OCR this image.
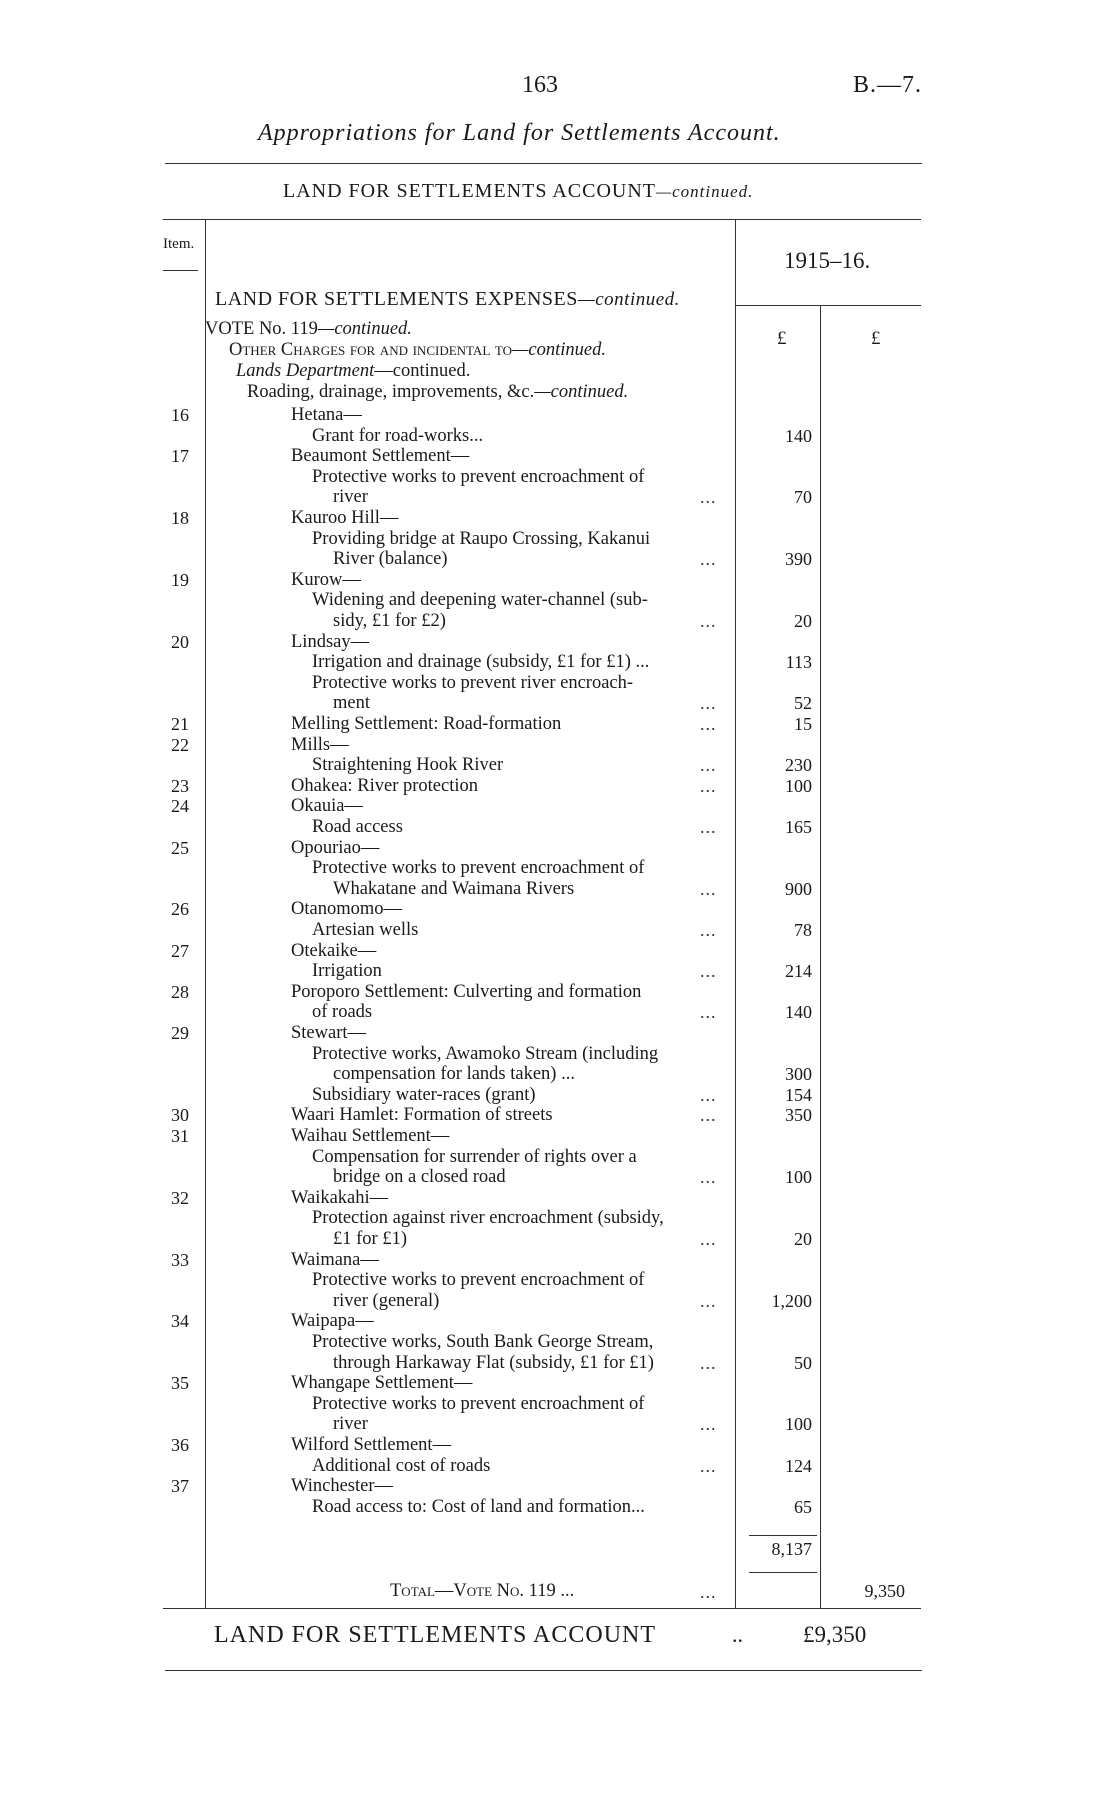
163	B.—7.
Appropriations for Land for Settlements Account.
LAND FOR SETTLEMENTS ACCOUNT—continued.
Item.
1915–16.
LAND FOR SETTLEMENTS EXPENSES—continued.
£	£
VOTE No. 119—continued.
Other Charges for and incidental to—continued.
Lands Department—continued.
Roading, drainage, improvements, &c.—continued.
16	Hetana—
Grant for road-works...	140
17	Beaumont Settlement—
Protective works to prevent encroachment of
river	...	70
18	Kauroo Hill—
Providing bridge at Raupo Crossing, Kakanui
River (balance)	...	390
19	Kurow—
Widening and deepening water-channel (sub-
sidy, £1 for £2)	...	20
20	Lindsay—
Irrigation and drainage (subsidy, £1 for £1) ...	113
Protective works to prevent river encroach-
ment	...	52
21	Melling Settlement: Road-formation	...	15
22	Mills—
Straightening Hook River	...	230
23	Ohakea: River protection	...	100
24	Okauia—
Road access	...	165
25	Opouriao—
Protective works to prevent encroachment of
Whakatane and Waimana Rivers	...	900
26	Otanomomo—
Artesian wells	...	78
27	Otekaike—
Irrigation	...	214
28	Poroporo Settlement: Culverting and formation
of roads	...	140
29	Stewart—
Protective works, Awamoko Stream (including
compensation for lands taken) ...	300
Subsidiary water-races (grant)	...	154
30	Waari Hamlet: Formation of streets	...	350
31	Waihau Settlement—
Compensation for surrender of rights over a
bridge on a closed road	...	100
32	Waikakahi—
Protection against river encroachment (subsidy,
£1 for £1)	...	20
33	Waimana—
Protective works to prevent encroachment of
river (general)	...	1,200
34	Waipapa—
Protective works, South Bank George Stream,
through Harkaway Flat (subsidy, £1 for £1)	...	50
35	Whangape Settlement—
Protective works to prevent encroachment of
river	...	100
36	Wilford Settlement—
Additional cost of roads	...	124
37	Winchester—
Road access to: Cost of land and formation...	65
8,137
Total—Vote No. 119 ...	...	9,350
LAND FOR SETTLEMENTS ACCOUNT	..	£9,350
